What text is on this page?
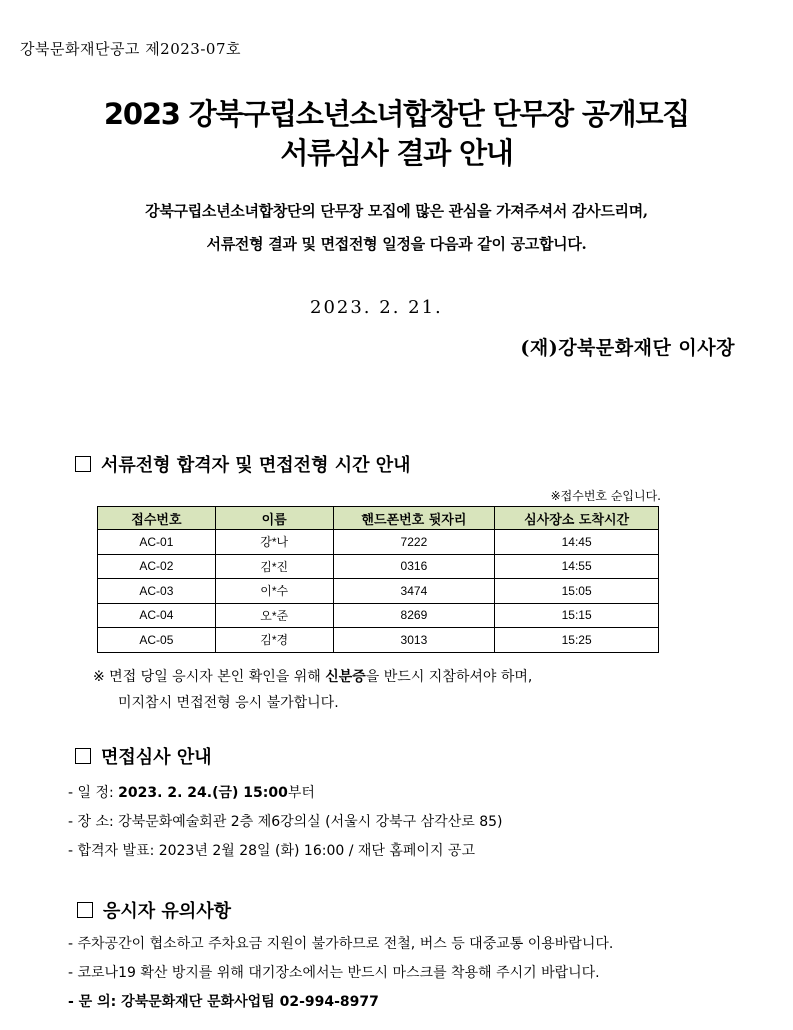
강북문화재단공고 제2023-07호
2023 강북구립소년소녀합창단 단무장 공개모집
서류심사 결과 안내

강북구립소년소녀합창단의 단무장 모집에 많은 관심을 가져주셔서 감사드리며,

서류전형 결과 및 면접전형 일정을 다음과 같이 공고합니다.

2023. 2. 21.
(재)강북문화재단 이사장
서류전형 합격자 및 면접전형 시간 안내
※접수번호 순입니다.
접수번호	이름	핸드폰번호 뒷자리	심사장소 도착시간
AC-01	강*나	7222	14:45
AC-02	김*진	0316	14:55
AC-03	이*수	3474	15:05
AC-04	오*준	8269	15:15
AC-05	김*경	3013	15:25
※ 면접 당일 응시자 본인 확인을 위해 신분증을 반드시 지참하셔야 하며,
미지참시 면접전형 응시 불가합니다.
면접심사 안내
- 일 정: 2023. 2. 24.(금) 15:00부터
- 장 소: 강북문화예술회관 2층 제6강의실 (서울시 강북구 삼각산로 85)
- 합격자 발표: 2023년 2월 28일 (화) 16:00 / 재단 홈페이지 공고
응시자 유의사항
- 주차공간이 협소하고 주차요금 지원이 불가하므로 전철, 버스 등 대중교통 이용바랍니다.
- 코로나19 확산 방지를 위해 대기장소에서는 반드시 마스크를 착용해 주시기 바랍니다.
- 문 의: 강북문화재단 문화사업팀 02-994-8977
